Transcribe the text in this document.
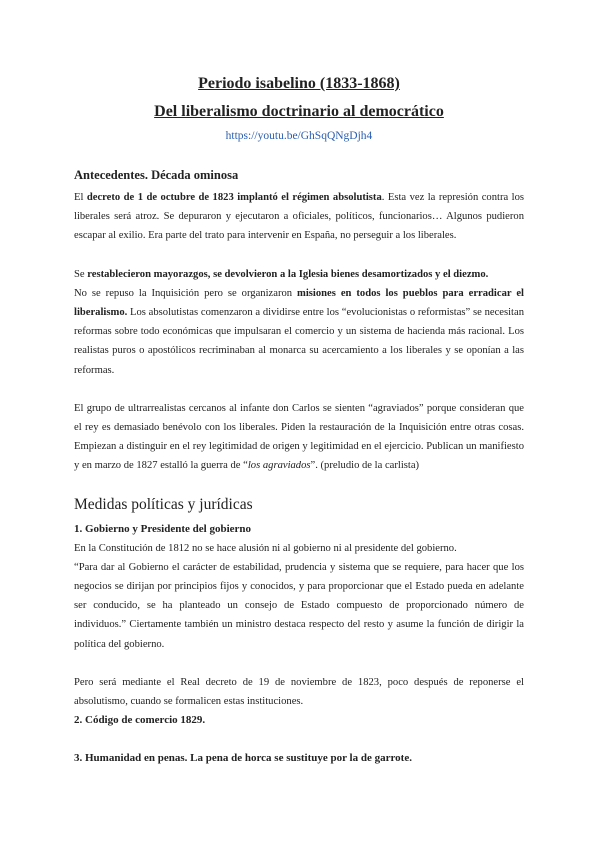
Periodo isabelino (1833-1868)
Del liberalismo doctrinario al democrático
https://youtu.be/GhSqQNgDjh4
Antecedentes. Década ominosa

El decreto de 1 de octubre de 1823 implantó el régimen absolutista. Esta vez la represión contra los liberales será atroz. Se depuraron y ejecutaron a oficiales, políticos, funcionarios… Algunos pudieron escapar al exilio. Era parte del trato para intervenir en España, no perseguir a los liberales.

Se restablecieron mayorazgos, se devolvieron a la Iglesia bienes desamortizados y el diezmo.
No se repuso la Inquisición pero se organizaron misiones en todos los pueblos para erradicar el liberalismo. Los absolutistas comenzaron a dividirse entre los “evolucionistas o reformistas” se necesitan reformas sobre todo económicas que impulsaran el comercio y un sistema de hacienda más racional. Los realistas puros o apostólicos recriminaban al monarca su acercamiento a los liberales y se oponían a las reformas.

El grupo de ultrarrealistas cercanos al infante don Carlos se sienten “agraviados” porque consideran que el rey es demasiado benévolo con los liberales. Piden la restauración de la Inquisición entre otras cosas. Empiezan a distinguir en el rey legitimidad de origen y legitimidad en el ejercicio. Publican un manifiesto y en marzo de 1827 estalló la guerra de “los agraviados”. (preludio de la carlista)

Medidas políticas y jurídicas
1. Gobierno y Presidente del gobierno

En la Constitución de 1812 no se hace alusión ni al gobierno ni al presidente del gobierno.

“Para dar al Gobierno el carácter de estabilidad, prudencia y sistema que se requiere, para hacer que los negocios se dirijan por principios fijos y conocidos, y para proporcionar que el Estado pueda en adelante ser conducido, se ha planteado un consejo de Estado compuesto de proporcionado número de individuos.” Ciertamente también un ministro destaca respecto del resto y asume la función de dirigir la política del gobierno.

Pero será mediante el Real decreto de 19 de noviembre de 1823, poco después de reponerse el absolutismo, cuando se formalicen estas instituciones.

2. Código de comercio 1829.
3. Humanidad en penas. La pena de horca se sustituye por la de garrote.
